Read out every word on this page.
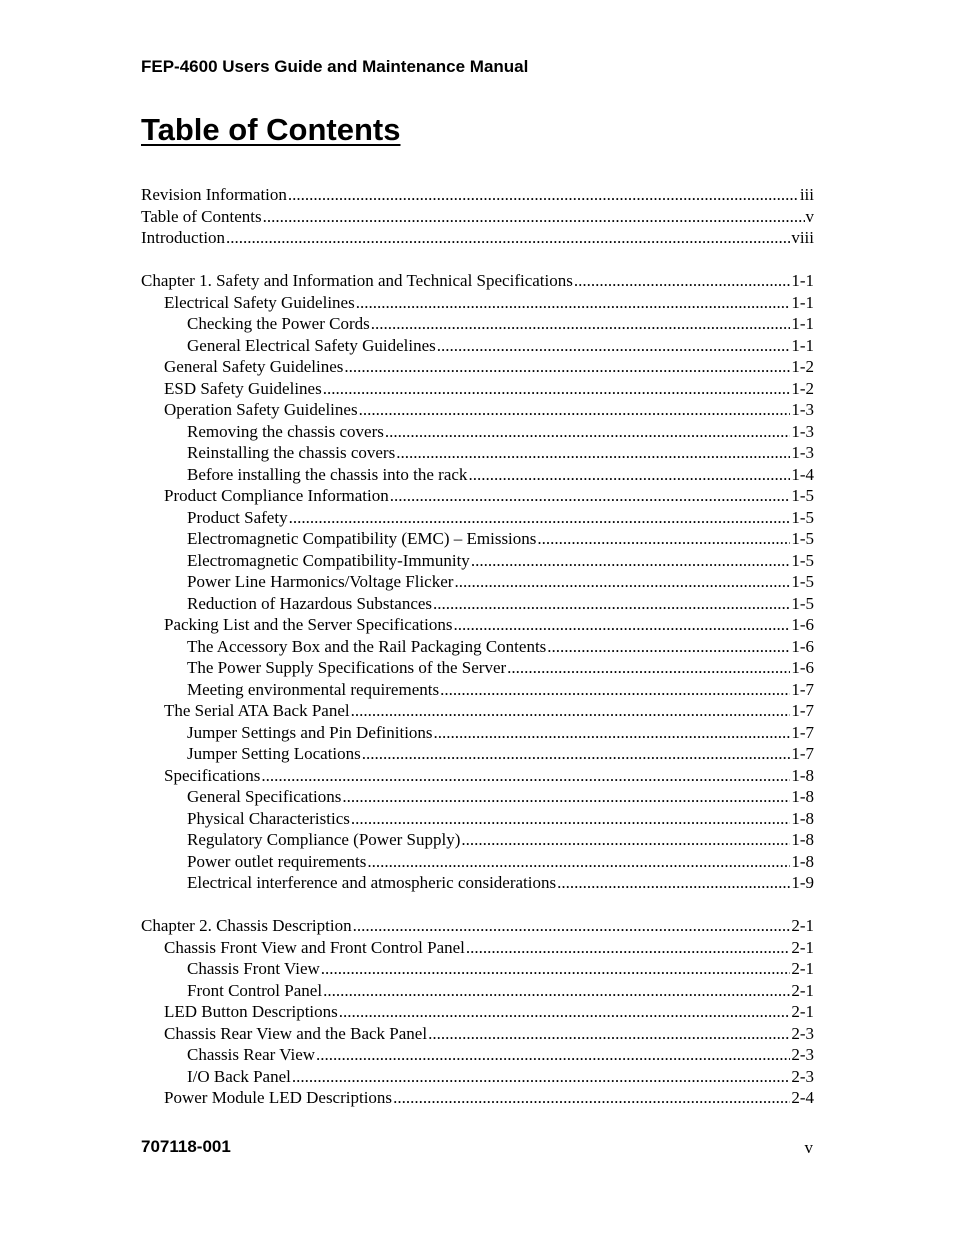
FEP-4600 Users Guide and Maintenance Manual
Table of Contents
Revision Information .....	iii
Table of Contents .....	v
Introduction .....	viii
Chapter 1. Safety and Information and Technical Specifications .....	1-1
Electrical Safety Guidelines .....	1-1
Checking the Power Cords .....	1-1
General Electrical Safety Guidelines .....	1-1
General Safety Guidelines .....	1-2
ESD Safety Guidelines .....	1-2
Operation Safety Guidelines .....	1-3
Removing the chassis covers .....	1-3
Reinstalling the chassis covers .....	1-3
Before installing the chassis into the rack .....	1-4
Product Compliance Information .....	1-5
Product Safety .....	1-5
Electromagnetic Compatibility (EMC) – Emissions .....	1-5
Electromagnetic Compatibility-Immunity .....	1-5
Power Line Harmonics/Voltage Flicker .....	1-5
Reduction of Hazardous Substances .....	1-5
Packing List and the Server Specifications .....	1-6
The Accessory Box and the Rail Packaging Contents .....	1-6
The Power Supply Specifications of the Server .....	1-6
Meeting environmental requirements .....	1-7
The Serial ATA Back Panel .....	1-7
Jumper Settings and Pin Definitions .....	1-7
Jumper Setting Locations .....	1-7
Specifications .....	1-8
General Specifications .....	1-8
Physical Characteristics .....	1-8
Regulatory Compliance (Power Supply) .....	1-8
Power outlet requirements .....	1-8
Electrical interference and atmospheric considerations .....	1-9
Chapter 2. Chassis Description .....	2-1
Chassis Front View and Front Control Panel .....	2-1
Chassis Front View .....	2-1
Front Control Panel .....	2-1
LED Button Descriptions .....	2-1
Chassis Rear View and the Back Panel .....	2-3
Chassis Rear View .....	2-3
I/O Back Panel .....	2-3
Power Module LED Descriptions .....	2-4
707118-001	v
